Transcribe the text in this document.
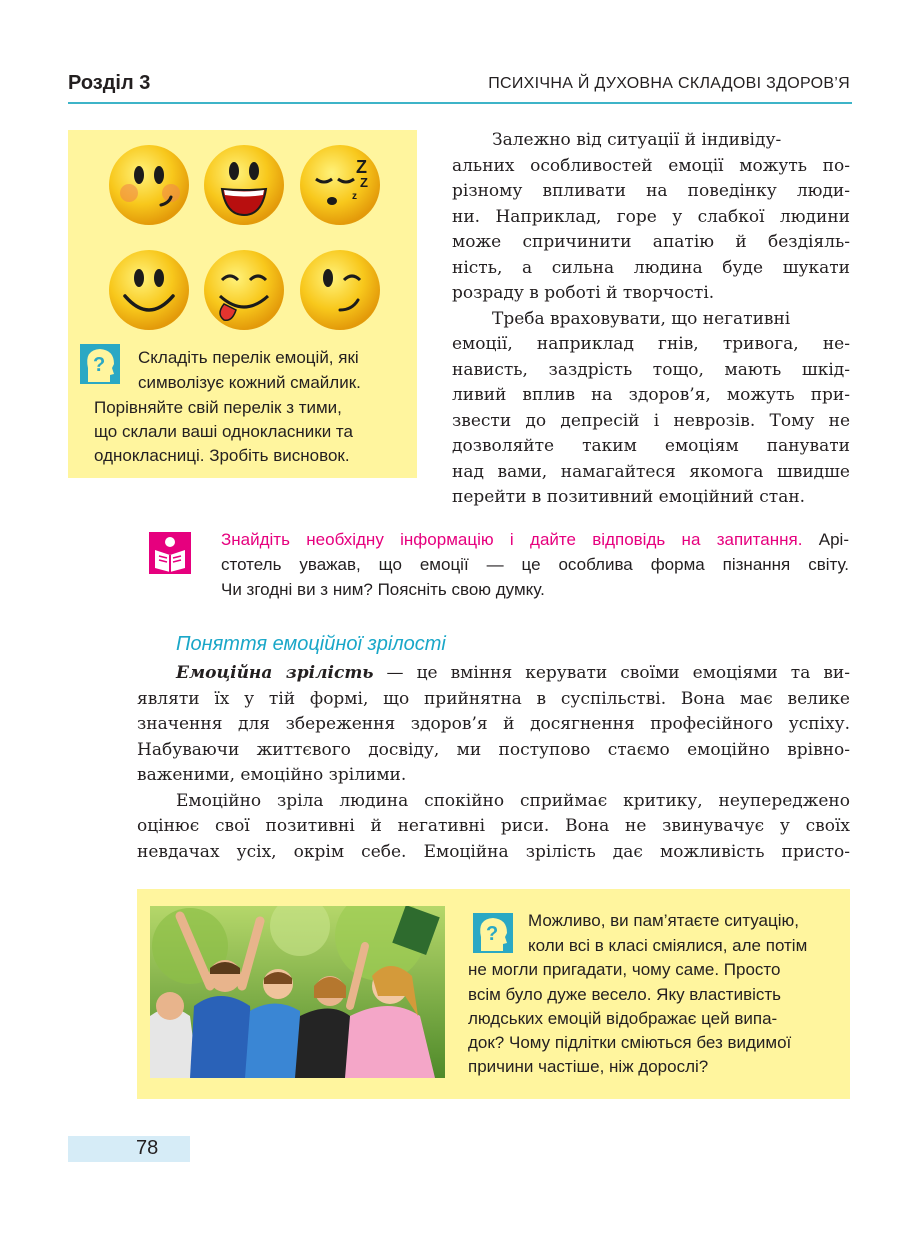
Розділ 3	ПСИХІЧНА Й ДУХОВНА СКЛАДОВІ ЗДОРОВ’Я
Z
Z
z
? Складіть перелік емоцій, які
символізує кожний смайлик.
Порівняйте свій перелік з тими,
що склали ваші однокласники та
однокласниці. Зробіть висновок.

Залежно від ситуації й індивіду-

альних особливостей емоції можуть по-

різному впливати на поведінку люди-

ни. Наприклад, горе у слабкої людини

може спричинити апатію й бездіяль-

ність, а сильна людина буде шукати

розраду в роботі й творчості.

Треба враховувати, що негативні

емоції, наприклад гнів, тривога, не-

нависть, заздрість тощо, мають шкід-

ливий вплив на здоров’я, можуть при-

звести до депресій і неврозів. Тому не

дозволяйте таким емоціям панувати

над вами, намагайтеся якомога швидше

перейти в позитивний емоційний стан.

Знайдіть необхідну інформацію і дайте відповідь на запитання. Арі-
стотель уважав, що емоції — це особлива форма пізнання світу.
Чи згодні ви з ним? Поясніть свою думку.
Поняття емоційної зрілості

Емоційна зрілість — це вміння керувати своїми емоціями та ви-

являти їх у тій формі, що прийнятна в суспільстві. Вона має велике

значення для збереження здоров’я й досягнення професійного успіху.

Набуваючи життєвого досвіду, ми поступово стаємо емоційно врівно-

важеними, емоційно зрілими.

Емоційно зріла людина спокійно сприймає критику, неупереджено

оцінює свої позитивні й негативні риси. Вона не звинувачує у своїх

невдачах усіх, окрім себе. Емоційна зрілість дає можливість присто-

?
Можливо, ви пам’ятаєте ситуацію,
коли всі в класі сміялися, але потім
не могли пригадати, чому саме. Просто
всім було дуже весело. Яку властивість
людських емоцій відображає цей випа-
док? Чому підлітки сміються без видимої
причини частіше, ніж дорослі?
78
